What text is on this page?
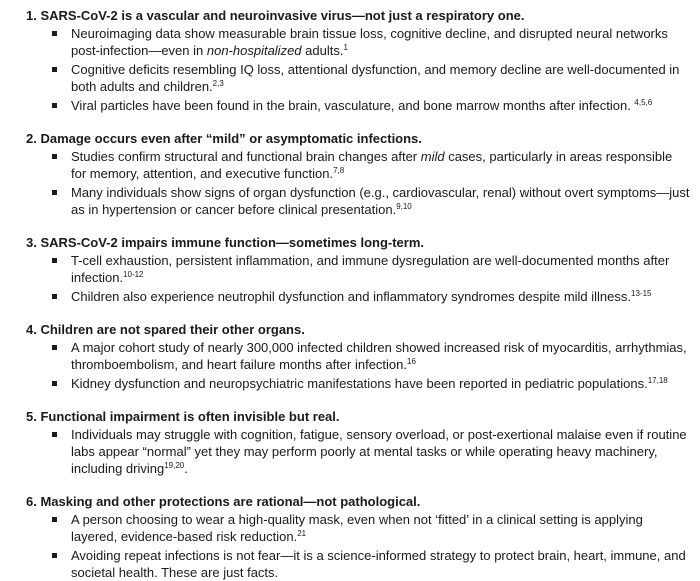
1. SARS-CoV-2 is a vascular and neuroinvasive virus—not just a respiratory one.
Neuroimaging data show measurable brain tissue loss, cognitive decline, and disrupted neural networks post-infection—even in non-hospitalized adults.$^1$
Cognitive deficits resembling IQ loss, attentional dysfunction, and memory decline are well-documented in both adults and children.$^{2,3}$
Viral particles have been found in the brain, vasculature, and bone marrow months after infection. $^{4,5,6}$
2. Damage occurs even after “mild” or asymptomatic infections.
Studies confirm structural and functional brain changes after mild cases, particularly in areas responsible for memory, attention, and executive function.$^{7,8}$
Many individuals show signs of organ dysfunction (e.g., cardiovascular, renal) without overt symptoms—just as in hypertension or cancer before clinical presentation.$^{9,10}$
3. SARS-CoV-2 impairs immune function—sometimes long-term.
T-cell exhaustion, persistent inflammation, and immune dysregulation are well-documented months after infection.$^{10-12}$
Children also experience neutrophil dysfunction and inflammatory syndromes despite mild illness.$^{13-15}$
4. Children are not spared their other organs.
A major cohort study of nearly 300,000 infected children showed increased risk of myocarditis, arrhythmias, thromboembolism, and heart failure months after infection.$^{16}$
Kidney dysfunction and neuropsychiatric manifestations have been reported in pediatric populations.$^{17,18}$
5. Functional impairment is often invisible but real.
Individuals may struggle with cognition, fatigue, sensory overload, or post-exertional malaise even if routine labs appear “normal” yet they may perform poorly at mental tasks or while operating heavy machinery, including driving$^{19,20}$.
6. Masking and other protections are rational—not pathological.
A person choosing to wear a high-quality mask, even when not ‘fitted’ in a clinical setting is applying layered, evidence-based risk reduction.$^{21}$
Avoiding repeat infections is not fear—it is a science-informed strategy to protect brain, heart, immune, and societal health. These are just facts.
